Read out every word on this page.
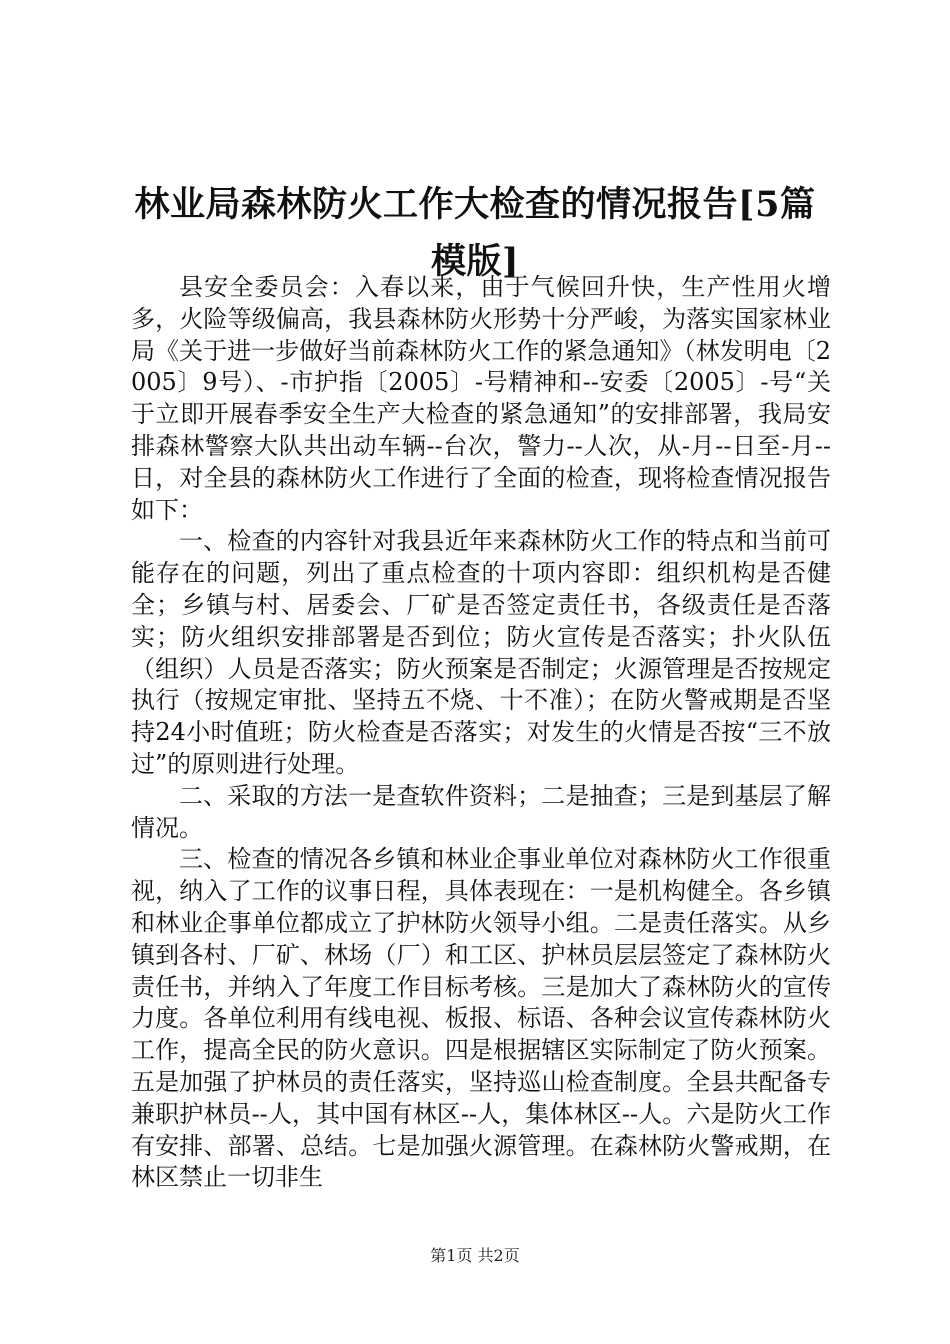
林业局森林防火工作大检查的情况报告[5篇模版]

县安全委员会：入春以来，由于气候回升快，生产性用火增多，火险等级偏高，我县森林防火形势十分严峻，为落实国家林业局《关于进一步做好当前森林防火工作的紧急通知》（林发明电〔2005〕9号）、-市护指〔2005〕-号精神和--安委〔2005〕-号“关于立即开展春季安全生产大检查的紧急通知”的安排部署，我局安排森林警察大队共出动车辆--台次，警力--人次，从-月--日至-月--日，对全县的森林防火工作进行了全面的检查，现将检查情况报告如下：

一、检查的内容针对我县近年来森林防火工作的特点和当前可能存在的问题，列出了重点检查的十项内容即：组织机构是否健全；乡镇与村、居委会、厂矿是否签定责任书，各级责任是否落实；防火组织安排部署是否到位；防火宣传是否落实；扑火队伍（组织）人员是否落实；防火预案是否制定；火源管理是否按规定执行（按规定审批、坚持五不烧、十不准）；在防火警戒期是否坚持24小时值班；防火检查是否落实；对发生的火情是否按“三不放过”的原则进行处理。

二、采取的方法一是查软件资料；二是抽查；三是到基层了解情况。

三、检查的情况各乡镇和林业企事业单位对森林防火工作很重视，纳入了工作的议事日程，具体表现在：一是机构健全。各乡镇和林业企事单位都成立了护林防火领导小组。二是责任落实。从乡镇到各村、厂矿、林场（厂）和工区、护林员层层签定了森林防火责任书，并纳入了年度工作目标考核。三是加大了森林防火的宣传力度。各单位利用有线电视、板报、标语、各种会议宣传森林防火工作，提高全民的防火意识。四是根据辖区实际制定了防火预案。五是加强了护林员的责任落实，坚持巡山检查制度。全县共配备专兼职护林员--人，其中国有林区--人，集体林区--人。六是防火工作有安排、部署、总结。七是加强火源管理。在森林防火警戒期，在林区禁止一切非生

第1页 共2页
